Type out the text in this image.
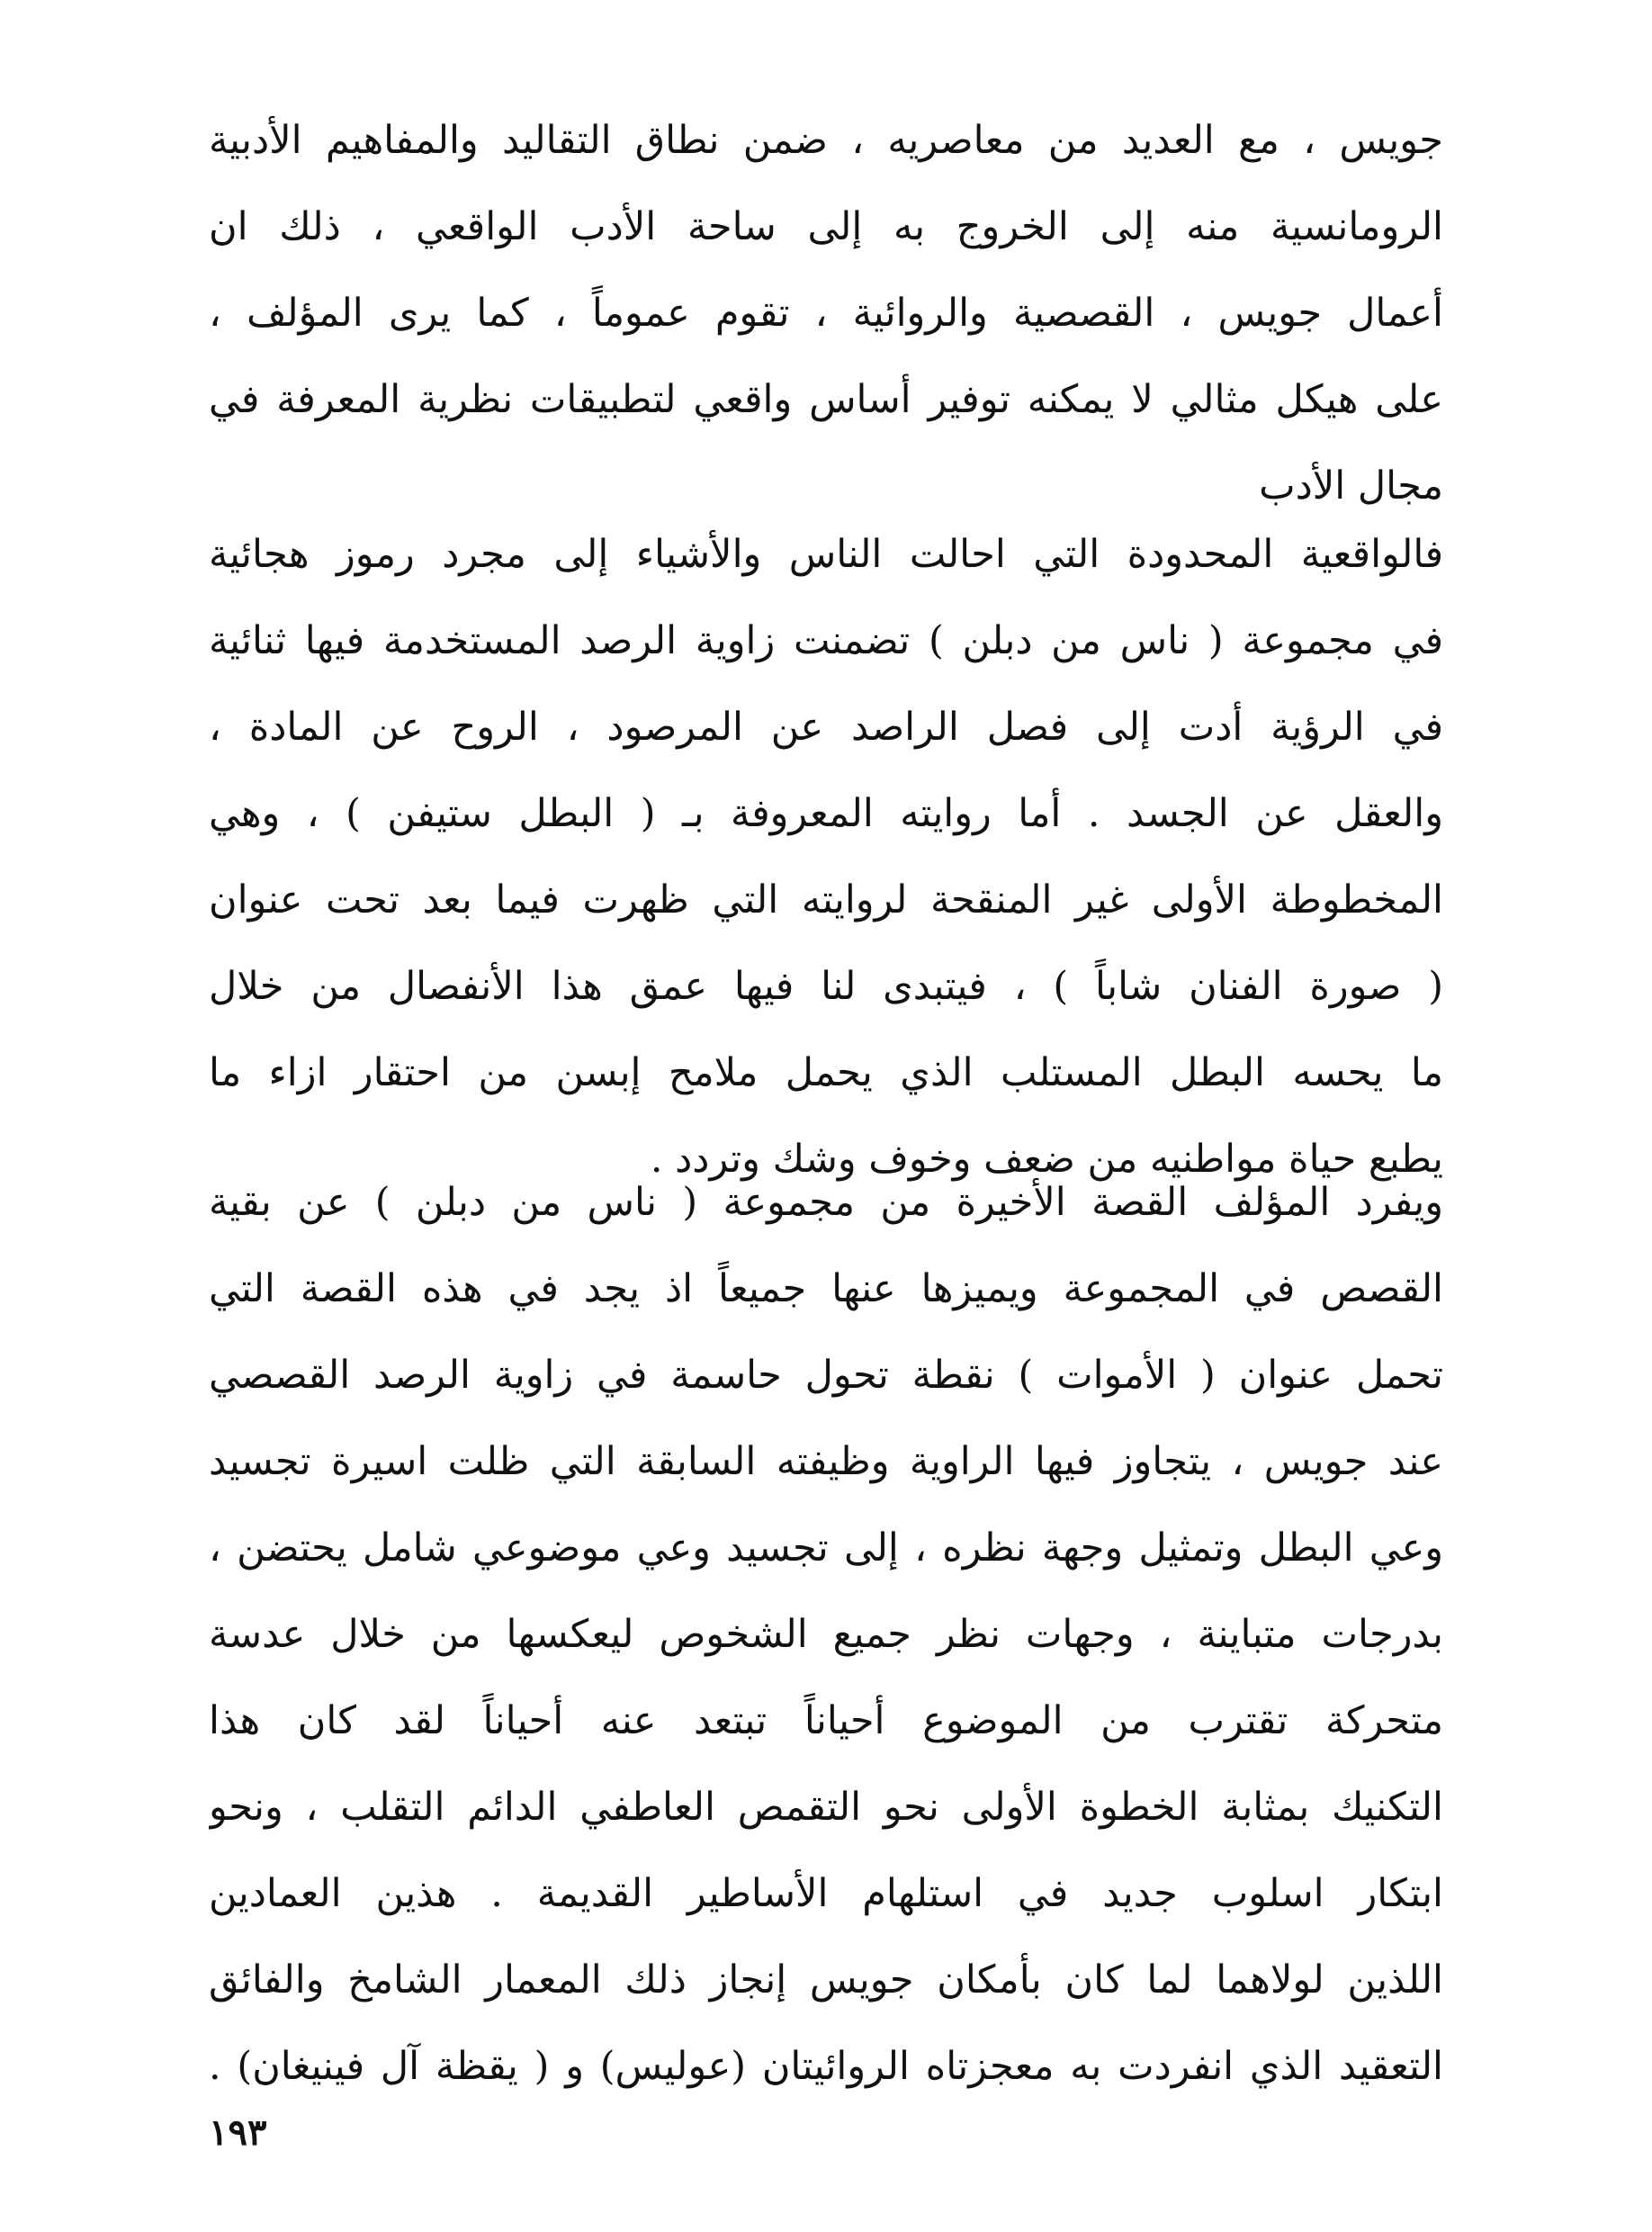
جويس ، مع العديد من معاصريه ، ضمن نطاق التقاليد والمفاهيم الأدبية
الرومانسية منه إلى الخروج به إلى ساحة الأدب الواقعي ، ذلك ان
أعمال جويس ، القصصية والروائية ، تقوم عموماً ، كما يرى المؤلف ،
على هيكل مثالي لا يمكنه توفير أساس واقعي لتطبيقات نظرية المعرفة في
مجال الأدب
فالواقعية المحدودة التي احالت الناس والأشياء إلى مجرد رموز هجائية
في مجموعة ( ناس من دبلن ) تضمنت زاوية الرصد المستخدمة فيها ثنائية
في الرؤية أدت إلى فصل الراصد عن المرصود ، الروح عن المادة ،
والعقل عن الجسد . أما روايته المعروفة بـ ( البطل ستيفن ) ، وهي
المخطوطة الأولى غير المنقحة لروايته التي ظهرت فيما بعد تحت عنوان
( صورة الفنان شاباً ) ، فيتبدى لنا فيها عمق هذا الأنفصال من خلال
ما يحسه البطل المستلب الذي يحمل ملامح إبسن من احتقار ازاء ما
يطبع حياة مواطنيه من ضعف وخوف وشك وتردد .
ويفرد المؤلف القصة الأخيرة من مجموعة ( ناس من دبلن ) عن بقية
القصص في المجموعة ويميزها عنها جميعاً اذ يجد في هذه القصة التي
تحمل عنوان ( الأموات ) نقطة تحول حاسمة في زاوية الرصد القصصي
عند جويس ، يتجاوز فيها الراوية وظيفته السابقة التي ظلت اسيرة تجسيد
وعي البطل وتمثيل وجهة نظره ، إلى تجسيد وعي موضوعي شامل يحتضن ،
بدرجات متباينة ، وجهات نظر جميع الشخوص ليعكسها من خلال عدسة
متحركة تقترب من الموضوع أحياناً تبتعد عنه أحياناً لقد كان هذا
التكنيك بمثابة الخطوة الأولى نحو التقمص العاطفي الدائم التقلب ، ونحو
ابتكار اسلوب جديد في استلهام الأساطير القديمة . هذين العمادين
اللذين لولاهما لما كان بأمكان جويس إنجاز ذلك المعمار الشامخ والفائق
التعقيد الذي انفردت به معجزتاه الروائيتان (عوليس) و ( يقظة آل فينيغان) .
١٩٣
